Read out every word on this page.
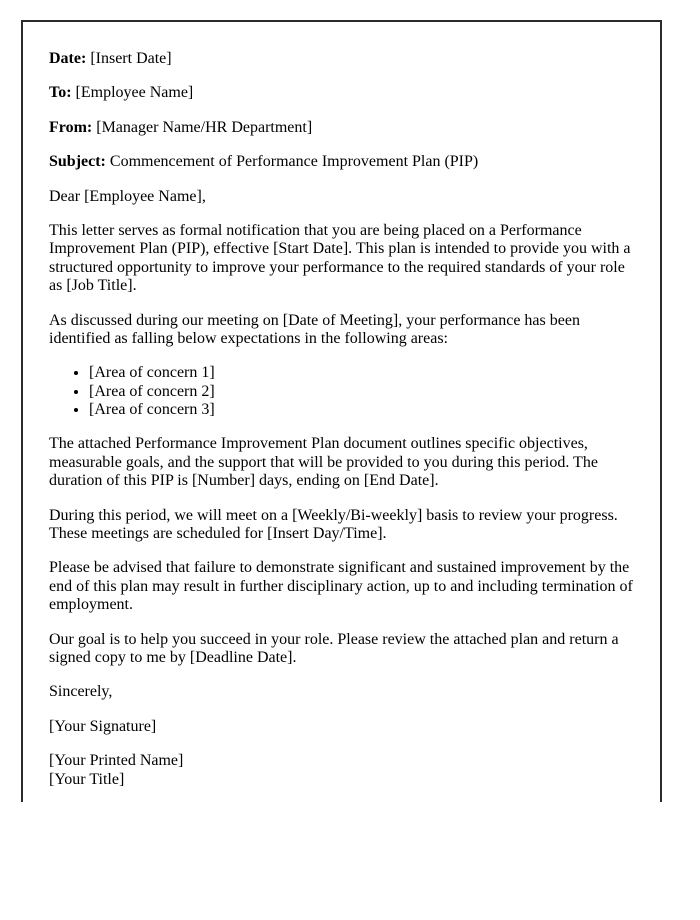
Date: [Insert Date]

To: [Employee Name]

From: [Manager Name/HR Department]

Subject: Commencement of Performance Improvement Plan (PIP)

Dear [Employee Name],

This letter serves as formal notification that you are being placed on a Performance Improvement Plan (PIP), effective [Start Date]. This plan is intended to provide you with a structured opportunity to improve your performance to the required standards of your role as [Job Title].

As discussed during our meeting on [Date of Meeting], your performance has been identified as falling below expectations in the following areas:

• [Area of concern 1]
• [Area of concern 2]
• [Area of concern 3]

The attached Performance Improvement Plan document outlines specific objectives, measurable goals, and the support that will be provided to you during this period. The duration of this PIP is [Number] days, ending on [End Date].

During this period, we will meet on a [Weekly/Bi-weekly] basis to review your progress. These meetings are scheduled for [Insert Day/Time].

Please be advised that failure to demonstrate significant and sustained improvement by the end of this plan may result in further disciplinary action, up to and including termination of employment.

Our goal is to help you succeed in your role. Please review the attached plan and return a signed copy to me by [Deadline Date].

Sincerely,

[Your Signature]

[Your Printed Name]
[Your Title]
